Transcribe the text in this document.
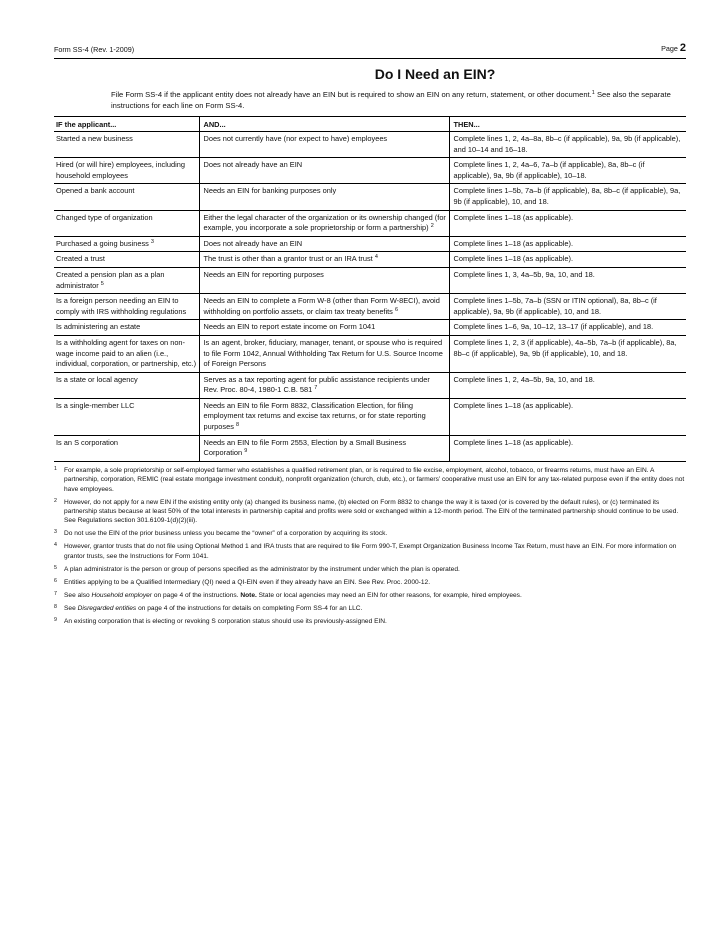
Form SS-4 (Rev. 1-2009)	Page 2
Do I Need an EIN?
File Form SS-4 if the applicant entity does not already have an EIN but is required to show an EIN on any return, statement, or other document.$^1$ See also the separate instructions for each line on Form SS-4.
IF the applicant...	AND...	THEN...
Started a new business	Does not currently have (nor expect to have) employees	Complete lines 1, 2, 4a–8a, 8b–c (if applicable), 9a, 9b (if applicable), and 10–14 and 16–18.
Hired (or will hire) employees, including household employees	Does not already have an EIN	Complete lines 1, 2, 4a–6, 7a–b (if applicable), 8a, 8b–c (if applicable), 9a, 9b (if applicable), 10–18.
Opened a bank account	Needs an EIN for banking purposes only	Complete lines 1–5b, 7a–b (if applicable), 8a, 8b–c (if applicable), 9a, 9b (if applicable), 10, and 18.
Changed type of organization	Either the legal character of the organization or its ownership changed (for example, you incorporate a sole proprietorship or form a partnership) $^2$	Complete lines 1–18 (as applicable).
Purchased a going business $^3$	Does not already have an EIN	Complete lines 1–18 (as applicable).
Created a trust	The trust is other than a grantor trust or an IRA trust $^4$	Complete lines 1–18 (as applicable).
Created a pension plan as a plan administrator $^5$	Needs an EIN for reporting purposes	Complete lines 1, 3, 4a–5b, 9a, 10, and 18.
Is a foreign person needing an EIN to comply with IRS withholding regulations	Needs an EIN to complete a Form W-8 (other than Form W-8ECI), avoid withholding on portfolio assets, or claim tax treaty benefits $^6$	Complete lines 1–5b, 7a–b (SSN or ITIN optional), 8a, 8b–c (if applicable), 9a, 9b (if applicable), 10, and 18.
Is administering an estate	Needs an EIN to report estate income on Form 1041	Complete lines 1–6, 9a, 10–12, 13–17 (if applicable), and 18.
Is a withholding agent for taxes on non-wage income paid to an alien (i.e., individual, corporation, or partnership, etc.)	Is an agent, broker, fiduciary, manager, tenant, or spouse who is required to file Form 1042, Annual Withholding Tax Return for U.S. Source Income of Foreign Persons	Complete lines 1, 2, 3 (if applicable), 4a–5b, 7a–b (if applicable), 8a, 8b–c (if applicable), 9a, 9b (if applicable), 10, and 18.
Is a state or local agency	Serves as a tax reporting agent for public assistance recipients under Rev. Proc. 80-4, 1980-1 C.B. 581 $^7$	Complete lines 1, 2, 4a–5b, 9a, 10, and 18.
Is a single-member LLC	Needs an EIN to file Form 8832, Classification Election, for filing employment tax returns and excise tax returns, or for state reporting purposes $^8$	Complete lines 1–18 (as applicable).
Is an S corporation	Needs an EIN to file Form 2553, Election by a Small Business Corporation $^9$	Complete lines 1–18 (as applicable).
1 For example, a sole proprietorship or self-employed farmer who establishes a qualified retirement plan, or is required to file excise, employment, alcohol, tobacco, or firearms returns, must have an EIN. A partnership, corporation, REMIC (real estate mortgage investment conduit), nonprofit organization (church, club, etc.), or farmers’ cooperative must use an EIN for any tax-related purpose even if the entity does not have employees.
2 However, do not apply for a new EIN if the existing entity only (a) changed its business name, (b) elected on Form 8832 to change the way it is taxed (or is covered by the default rules), or (c) terminated its partnership status because at least 50% of the total interests in partnership capital and profits were sold or exchanged within a 12-month period. The EIN of the terminated partnership should continue to be used. See Regulations section 301.6109-1(d)(2)(iii).
3 Do not use the EIN of the prior business unless you became the “owner” of a corporation by acquiring its stock.
4 However, grantor trusts that do not file using Optional Method 1 and IRA trusts that are required to file Form 990-T, Exempt Organization Business Income Tax Return, must have an EIN. For more information on grantor trusts, see the Instructions for Form 1041.
5 A plan administrator is the person or group of persons specified as the administrator by the instrument under which the plan is operated.
6 Entities applying to be a Qualified Intermediary (QI) need a QI-EIN even if they already have an EIN. See Rev. Proc. 2000-12.
7 See also Household employer on page 4 of the instructions. Note. State or local agencies may need an EIN for other reasons, for example, hired employees.
8 See Disregarded entities on page 4 of the instructions for details on completing Form SS-4 for an LLC.
9 An existing corporation that is electing or revoking S corporation status should use its previously-assigned EIN.
